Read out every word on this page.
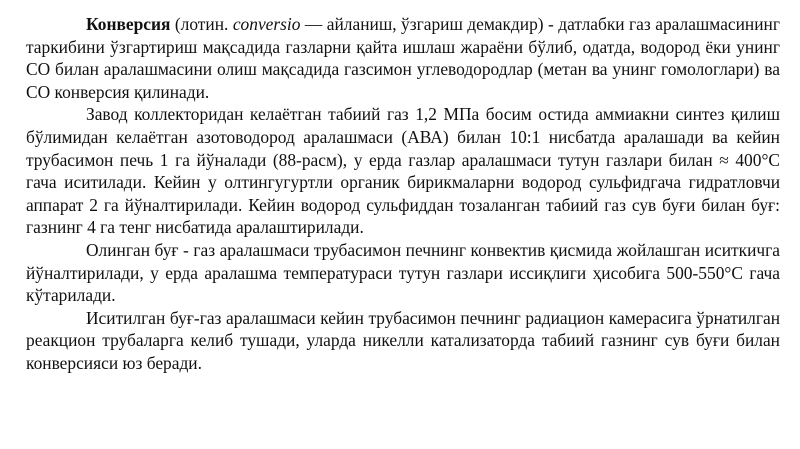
Конверсия (лотин. conversio — айланиш, ўзгариш демакдир) - датлабки газ аралашмасининг таркибини ўзгартириш мақсадида газларни қайта ишлаш жараёни бўлиб, одатда, водород ёки унинг CO билан аралашмасини олиш мақсадида газсимон углеводородлар (метан ва унинг гомологлари) ва CO конверсия қилинади.

Завод коллекторидан келаётган табиий газ 1,2 МПа босим остида аммиакни синтез қилиш бўлимидан келаётган азотоводород аралашмаси (АВА) билан 10:1 нисбатда аралашади ва кейин трубасимон печь 1 га йўналади (88-расм), у ерда газлар аралашмаси тутун газлари билан ≈ 400°С гача иситилади. Кейин у олтингугуртли органик бирикмаларни водород сульфидгача гидратловчи аппарат 2 га йўналтирилади. Кейин водород сульфиддан тозаланган табиий газ сув буғи билан буғ: газнинг 4 га тенг нисбатида аралаштирилади.

Олинган буғ - газ аралашмаси трубасимон печнинг конвектив қисмида жойлашган иситкичга йўналтирилади, у ерда аралашма температураси тутун газлари иссиқлиги ҳисобига 500-550°С гача кўтарилади.

Иситилган буғ-газ аралашмаси кейин трубасимон печнинг радиацион камерасига ўрнатилган реакцион трубаларга келиб тушади, уларда никелли катализаторда табиий газнинг сув буғи билан конверсияси юз беради.
